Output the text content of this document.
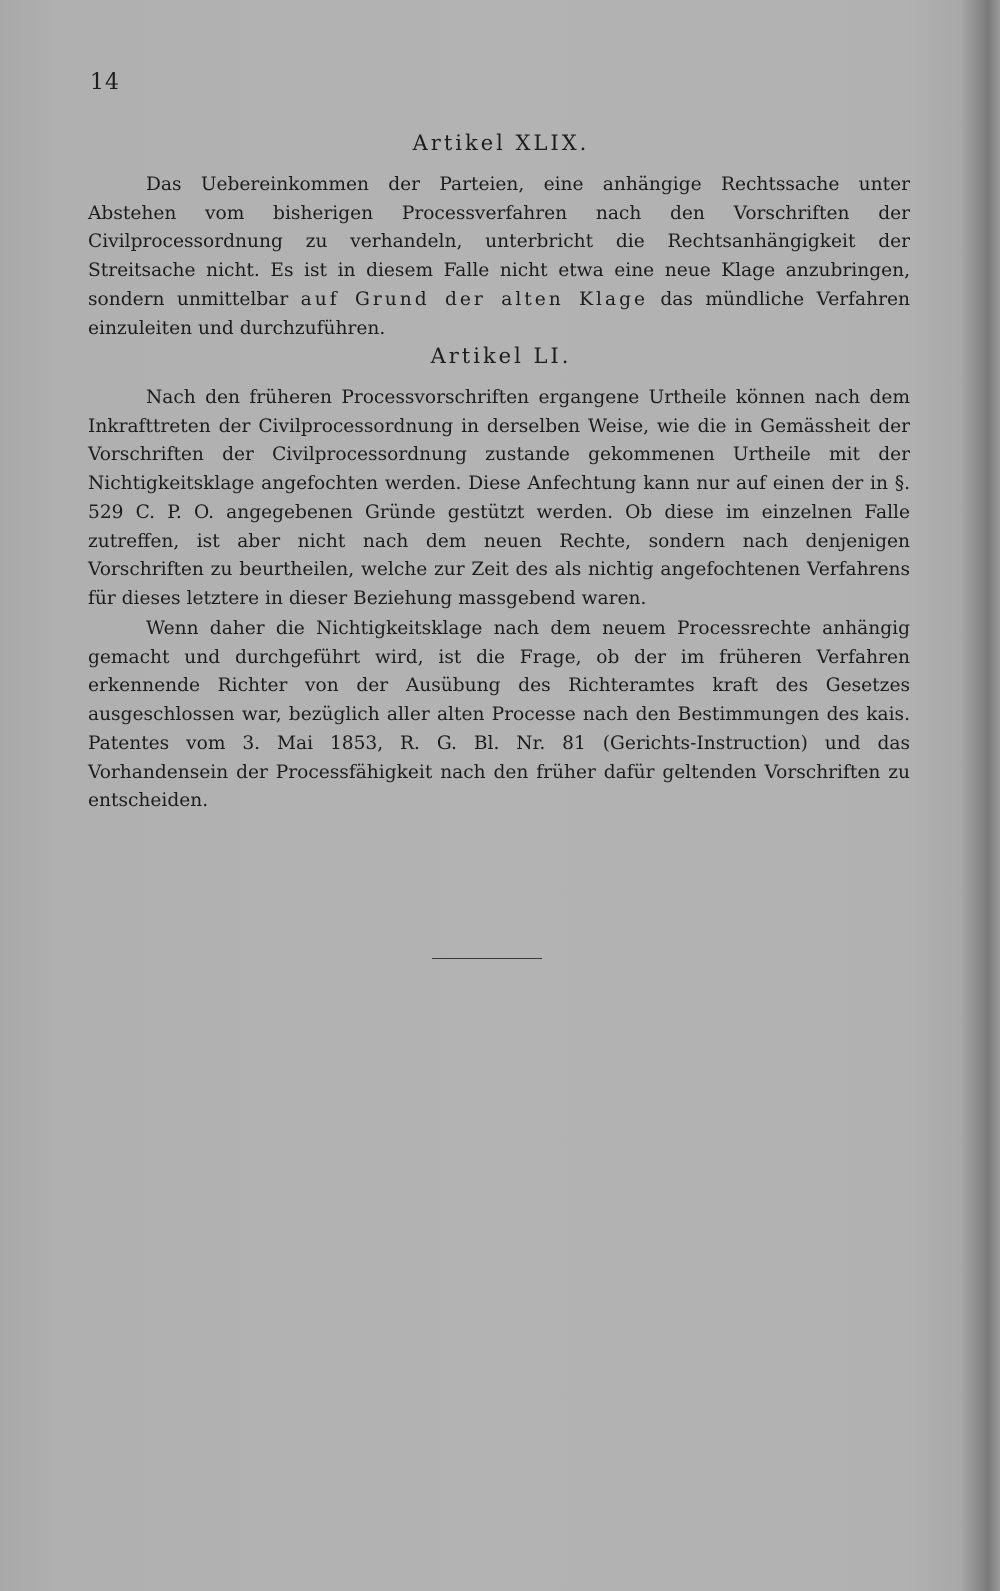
14
Artikel XLIX.

Das Uebereinkommen der Parteien, eine anhängige Rechtssache unter Abstehen vom bisherigen Processverfahren nach den Vorschriften der Civilprocessordnung zu verhandeln, unterbricht die Rechtsanhängigkeit der Streitsache nicht. Es ist in diesem Falle nicht etwa eine neue Klage anzubringen, sondern unmittelbar auf Grund der alten Klage das mündliche Verfahren einzuleiten und durchzuführen.

Artikel LI.

Nach den früheren Processvorschriften ergangene Urtheile können nach dem Inkrafttreten der Civilprocessordnung in derselben Weise, wie die in Gemässheit der Vorschriften der Civilprocessordnung zustande gekommenen Urtheile mit der Nichtigkeitsklage angefochten werden. Diese Anfechtung kann nur auf einen der in §. 529 C. P. O. angegebenen Gründe gestützt werden. Ob diese im einzelnen Falle zutreffen, ist aber nicht nach dem neuen Rechte, sondern nach denjenigen Vorschriften zu beurtheilen, welche zur Zeit des als nichtig angefochtenen Verfahrens für dieses letztere in dieser Beziehung massgebend waren.

Wenn daher die Nichtigkeitsklage nach dem neuem Processrechte anhängig gemacht und durchgeführt wird, ist die Frage, ob der im früheren Verfahren erkennende Richter von der Ausübung des Richteramtes kraft des Gesetzes ausgeschlossen war, bezüglich aller alten Processe nach den Bestimmungen des kais. Patentes vom 3. Mai 1853, R. G. Bl. Nr. 81 (Gerichts-Instruction) und das Vorhandensein der Processfähigkeit nach den früher dafür geltenden Vorschriften zu entscheiden.
